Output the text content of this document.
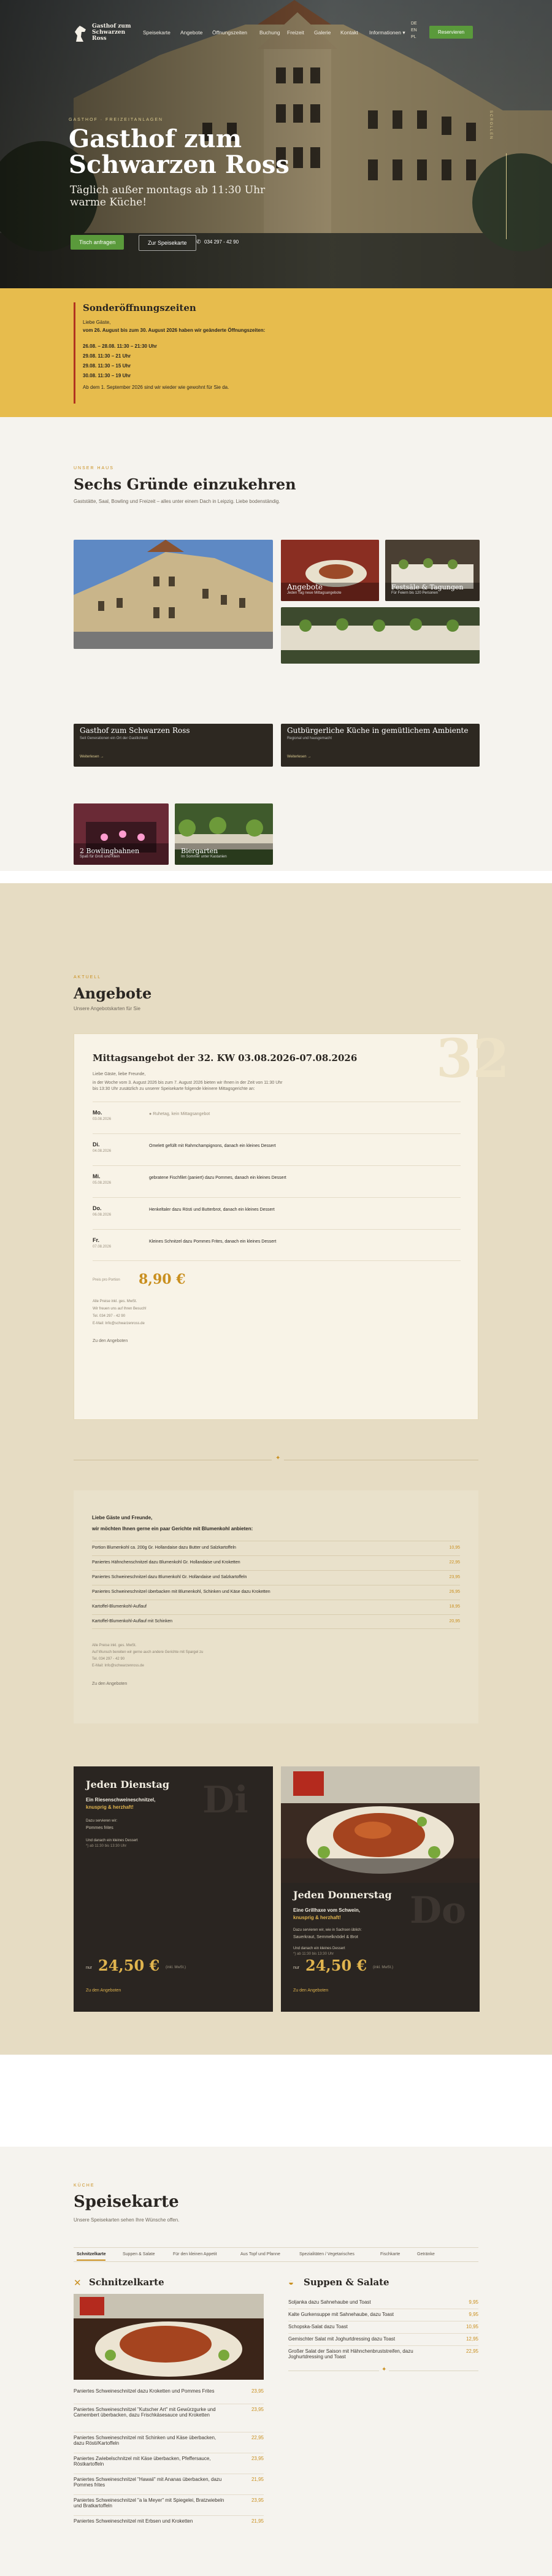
Gasthof zum
Schwarzen
Ross
Speisekarte Angebote Öffnungszeiten Buchung Freizeit Galerie Kontakt Informationen ▾
DE
EN
PL
Reservieren
GASTHOF · FREIZEITANLAGEN
Gasthof zum
Schwarzen Ross
Täglich außer montags ab 11:30 Uhr
warme Küche!
Tisch anfragen	Zur Speisekarte	✆ 034 297 - 42 90
SCROLLEN
Sonderöffnungszeiten
Liebe Gäste,
vom 26. August bis zum 30. August 2026 haben wir geänderte Öffnungszeiten:
26.08. – 28.08. 11:30 – 21:30 Uhr
29.08. 11:30 – 21 Uhr
29.08. 11:30 – 15 Uhr
30.08. 11:30 – 19 Uhr
Ab dem 1. September 2026 sind wir wieder wie gewohnt für Sie da.
UNSER HAUS
Sechs Gründe einzukehren
Gaststätte, Saal, Bowling und Freizeit – alles unter einem Dach in Leipzig. Liebe bodenständig.
Angebote
Jeden Tag neue Mittagsangebote
Festsäle & Tagungen
Für Feiern bis 120 Personen
Gasthof zum Schwarzen Ross
Seit Generationen ein Ort der Gastlichkeit
Weiterlesen →
Gutbürgerliche Küche in gemütlichem Ambiente
Regional und hausgemacht
Weiterlesen →
2 Bowlingbahnen
Spaß für Groß und Klein
Biergarten
Im Sommer unter Kastanien
AKTUELL
Angebote
Unsere Angebotskarten für Sie
32
Mittagsangebot der 32. KW 03.08.2026-07.08.2026
Liebe Gäste, liebe Freunde,
in der Woche vom 3. August 2026 bis zum 7. August 2026 bieten wir Ihnen in der Zeit von 11:30 Uhr
bis 13:30 Uhr zusätzlich zu unserer Speisekarte folgende kleinere Mittagsgerichte an:
Mo.
03.08.2026
● Ruhetag, kein Mittagsangebot
Di.
04.08.2026
Omelett gefüllt mit Rahmchampignons, danach ein kleines Dessert
Mi.
05.08.2026
gebratene Fischfilet (paniert) dazu Pommes, danach ein kleines Dessert
Do.
06.08.2026
Henkeltaler dazu Rösti und Butterbrot, danach ein kleines Dessert
Fr.
07.08.2026
Kleines Schnitzel dazu Pommes Frites, danach ein kleines Dessert
Preis pro Portion 8,90 €
Alle Preise inkl. ges. MwSt.
Wir freuen uns auf Ihren Besuch!
Tel. 034 297 - 42 90
E-Mail: Info@schwarzenross.de
Zu den Angeboten
✦
Liebe Gäste und Freunde,
wir möchten Ihnen gerne ein paar Gerichte mit Blumenkohl anbieten:
Portion Blumenkohl ca. 200g Gr. Hollandaise dazu Butter und Salzkartoffeln	10,95
Paniertes Hähnchenschnitzel dazu Blumenkohl Gr. Hollandaise und Kroketten	22,95
Paniertes Schweineschnitzel dazu Blumenkohl Gr. Hollandaise und Salzkartoffeln	23,95
Paniertes Schweineschnitzel überbacken mit Blumenkohl, Schinken und Käse dazu Kroketten	26,95
Kartoffel-Blumenkohl-Auflauf	18,95
Kartoffel-Blumenkohl-Auflauf mit Schinken	20,95
Alle Preise inkl. ges. MwSt.
Auf Wunsch bereiten wir gerne auch andere Gerichte mit Spargel zu
Tel. 034 297 - 42 90
E-Mail: Info@schwarzenross.de
Zu den Angeboten
Di
Jeden Dienstag
Ein Riesenschweineschnitzel,
knusprig & herzhaft!
Dazu servieren wir:
Pommes frites
Und danach ein kleines Dessert
*) ab 11:30 bis 13:30 Uhr
nur 24,50 € (inkl. MwSt.)
Zu den Angeboten
Do
Jeden Donnerstag
Eine Grillhaxe vom Schwein,
knusprig & herzhaft!
Dazu servieren wir, wie in Sachsen üblich:
Sauerkraut, Semmelknödel & Brot
Und danach ein kleines Dessert
*) ab 11:30 bis 13:30 Uhr
nur 24,50 € (inkl. MwSt.)
Zu den Angeboten
KÜCHE
Speisekarte
Unsere Speisekarten sehen Ihre Wünsche offen.
Schnitzelkarte	Suppen & Salate	Für den kleinen Appetit	Aus Topf und Pfanne	Spezialitäten / Vegetarisches	Fischkarte	Getränke
✕ Schnitzelkarte
Paniertes Schweineschnitzel dazu Kroketten und Pommes Frites	23,95
Paniertes Schweineschnitzel "Kutscher Art" mit Gewürzgurke und Camembert überbacken, dazu Frischkäsesauce und Kroketten
23,95
Paniertes Schweineschnitzel mit Schinken und Käse überbacken, dazu Rösti/Kartoffeln
22,95
Paniertes Zwiebelschnitzel mit Käse überbacken, Pfeffersauce, Röstkartoffeln
23,95
Paniertes Schweineschnitzel "Hawaii" mit Ananas überbacken, dazu Pommes frites
21,95
Paniertes Schweineschnitzel "a la Meyer" mit Spiegelei, Bratzwiebeln und Bratkartoffeln
23,95
Paniertes Schweineschnitzel mit Erbsen und Kroketten	21,95
◒ Suppen & Salate
Soljanka dazu Sahnehaube und Toast	9,95
Kalte Gurkensuppe mit Sahnehaube, dazu Toast	9,95
Schopska-Salat dazu Toast	10,95
Gemischter Salat mit Joghurtdressing dazu Toast	12,95
Großer Salat der Saison mit Hähnchenbruststreifen, dazu Joghurtdressing und Toast
22,95
✦
